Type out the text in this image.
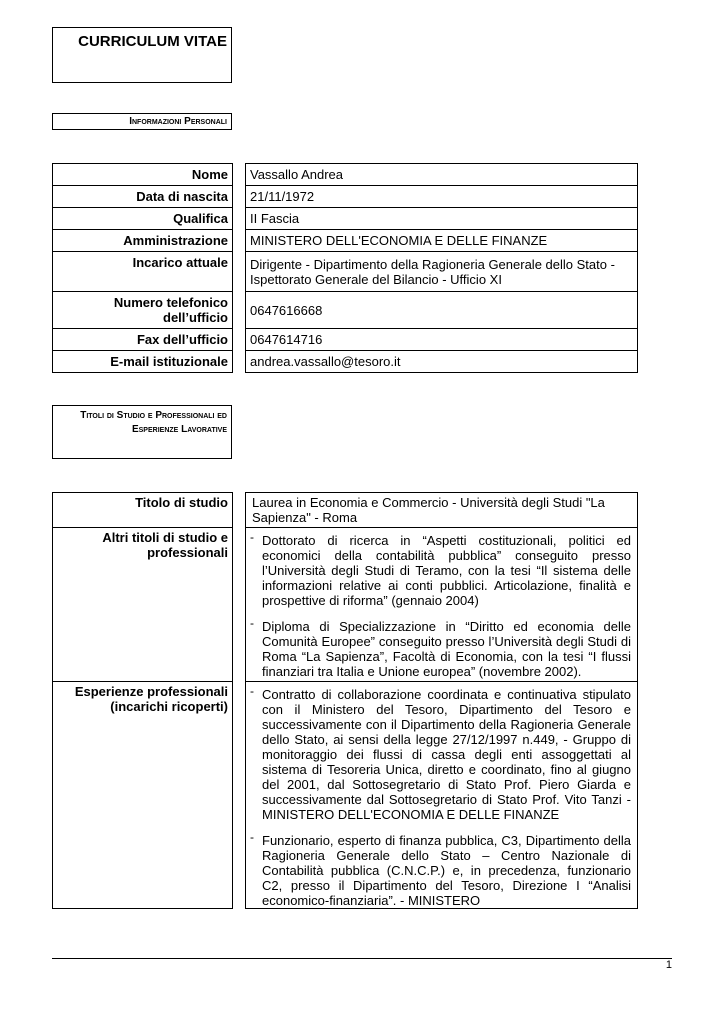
CURRICULUM VITAE
Informazioni Personali
Nome		Vassallo Andrea
Data di nascita		21/11/1972
Qualifica		II Fascia
Amministrazione		MINISTERO DELL'ECONOMIA E DELLE FINANZE
Incarico attuale		Dirigente - Dipartimento della Ragioneria Generale dello Stato - Ispettorato Generale del Bilancio - Ufficio XI
Numero telefonico dell’ufficio		0647616668
Fax dell’ufficio		0647614716
E-mail istituzionale		andrea.vassallo@tesoro.it
Titoli di Studio e Professionali ed Esperienze Lavorative
Titolo di studio		Laurea in Economia e Commercio - Università degli Studi "La Sapienza" - Roma
Altri titoli di studio e professionali		- Dottorato di ricerca in “Aspetti costituzionali, politici ed economici della contabilità pubblica” conseguito presso l’Università degli Studi di Teramo, con la tesi “Il sistema delle informazioni relative ai conti pubblici. Articolazione, finalità e prospettive di riforma” (gennaio 2004)
- Diploma di Specializzazione in “Diritto ed economia delle Comunità Europee” conseguito presso l’Università degli Studi di Roma “La Sapienza”, Facoltà di Economia, con la tesi “I flussi finanziari tra Italia e Unione europea” (novembre 2002).

Esperienze professionali (incarichi ricoperti)		- Contratto di collaborazione coordinata e continuativa stipulato con il Ministero del Tesoro, Dipartimento del Tesoro e successivamente con il Dipartimento della Ragioneria Generale dello Stato, ai sensi della legge 27/12/1997 n.449, - Gruppo di monitoraggio dei flussi di cassa degli enti assoggettati al sistema di Tesoreria Unica, diretto e coordinato, fino al giugno del 2001, dal Sottosegretario di Stato Prof. Piero Giarda e successivamente dal Sottosegretario di Stato Prof. Vito Tanzi - MINISTERO DELL'ECONOMIA E DELLE FINANZE
- Funzionario, esperto di finanza pubblica, C3, Dipartimento della Ragioneria Generale dello Stato – Centro Nazionale di Contabilità pubblica (C.N.C.P.) e, in precedenza, funzionario C2, presso il Dipartimento del Tesoro, Direzione I “Analisi economico-finanziaria”. - MINISTERO
1
